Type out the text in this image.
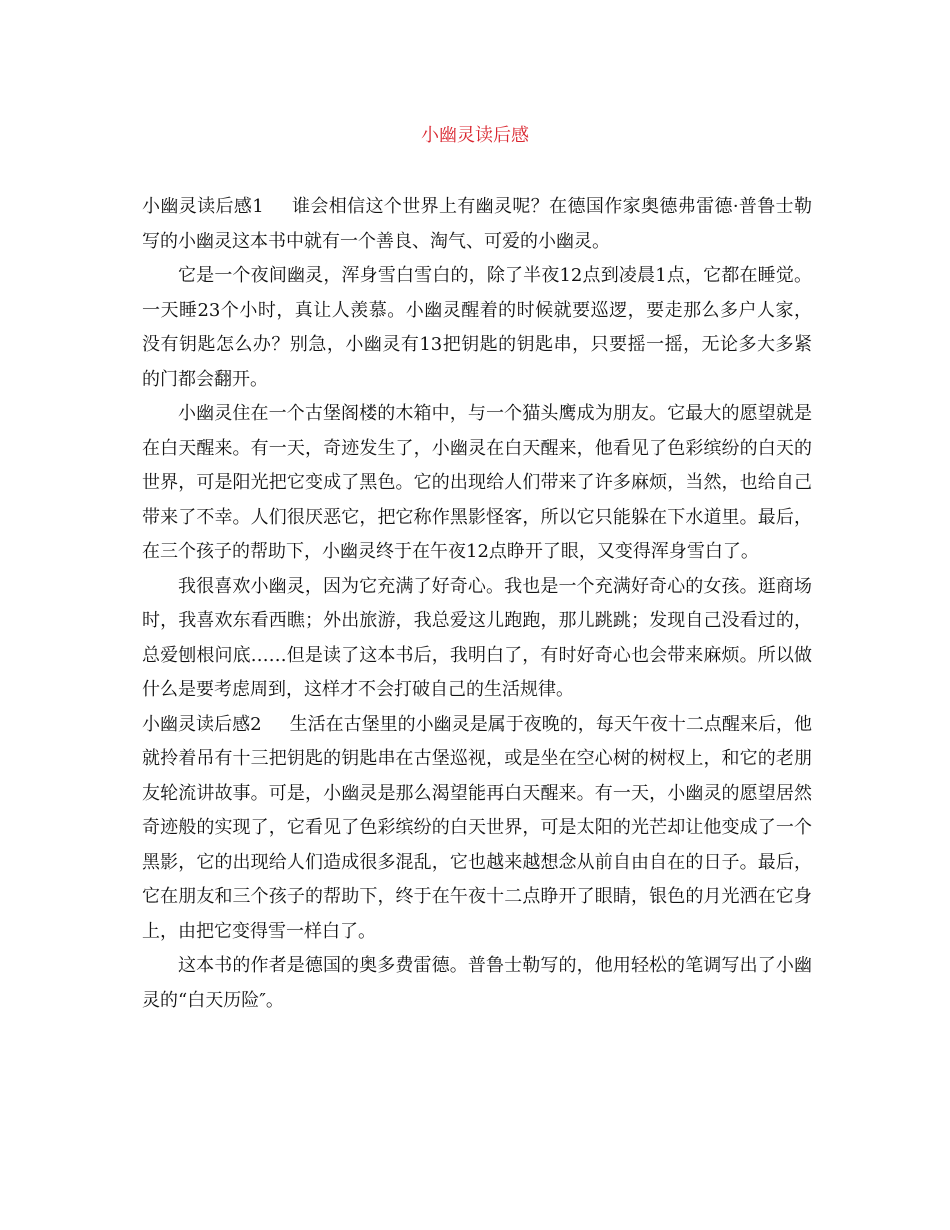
小幽灵读后感

小幽灵读后感1 谁会相信这个世界上有幽灵呢？在德国作家奥德弗雷德·普鲁士勒写的小幽灵这本书中就有一个善良、淘气、可爱的小幽灵。

它是一个夜间幽灵，浑身雪白雪白的，除了半夜12点到凌晨1点，它都在睡觉。一天睡23个小时，真让人羡慕。小幽灵醒着的时候就要巡逻，要走那么多户人家，没有钥匙怎么办？别急，小幽灵有13把钥匙的钥匙串，只要摇一摇，无论多大多紧的门都会翻开。

小幽灵住在一个古堡阁楼的木箱中，与一个猫头鹰成为朋友。它最大的愿望就是在白天醒来。有一天，奇迹发生了，小幽灵在白天醒来，他看见了色彩缤纷的白天的世界，可是阳光把它变成了黑色。它的出现给人们带来了许多麻烦，当然，也给自己带来了不幸。人们很厌恶它，把它称作黑影怪客，所以它只能躲在下水道里。最后，在三个孩子的帮助下，小幽灵终于在午夜12点睁开了眼，又变得浑身雪白了。

我很喜欢小幽灵，因为它充满了好奇心。我也是一个充满好奇心的女孩。逛商场时，我喜欢东看西瞧；外出旅游，我总爱这儿跑跑，那儿跳跳；发现自己没看过的，总爱刨根问底……但是读了这本书后，我明白了，有时好奇心也会带来麻烦。所以做什么是要考虑周到，这样才不会打破自己的生活规律。

小幽灵读后感2 生活在古堡里的小幽灵是属于夜晚的，每天午夜十二点醒来后，他就拎着吊有十三把钥匙的钥匙串在古堡巡视，或是坐在空心树的树杈上，和它的老朋友轮流讲故事。可是，小幽灵是那么渴望能再白天醒来。有一天，小幽灵的愿望居然奇迹般的实现了，它看见了色彩缤纷的白天世界，可是太阳的光芒却让他变成了一个黑影，它的出现给人们造成很多混乱，它也越来越想念从前自由自在的日子。最后，它在朋友和三个孩子的帮助下，终于在午夜十二点睁开了眼睛，银色的月光洒在它身上，由把它变得雪一样白了。

这本书的作者是德国的奥多费雷德。普鲁士勒写的，他用轻松的笔调写出了小幽灵的“白天历险″。
